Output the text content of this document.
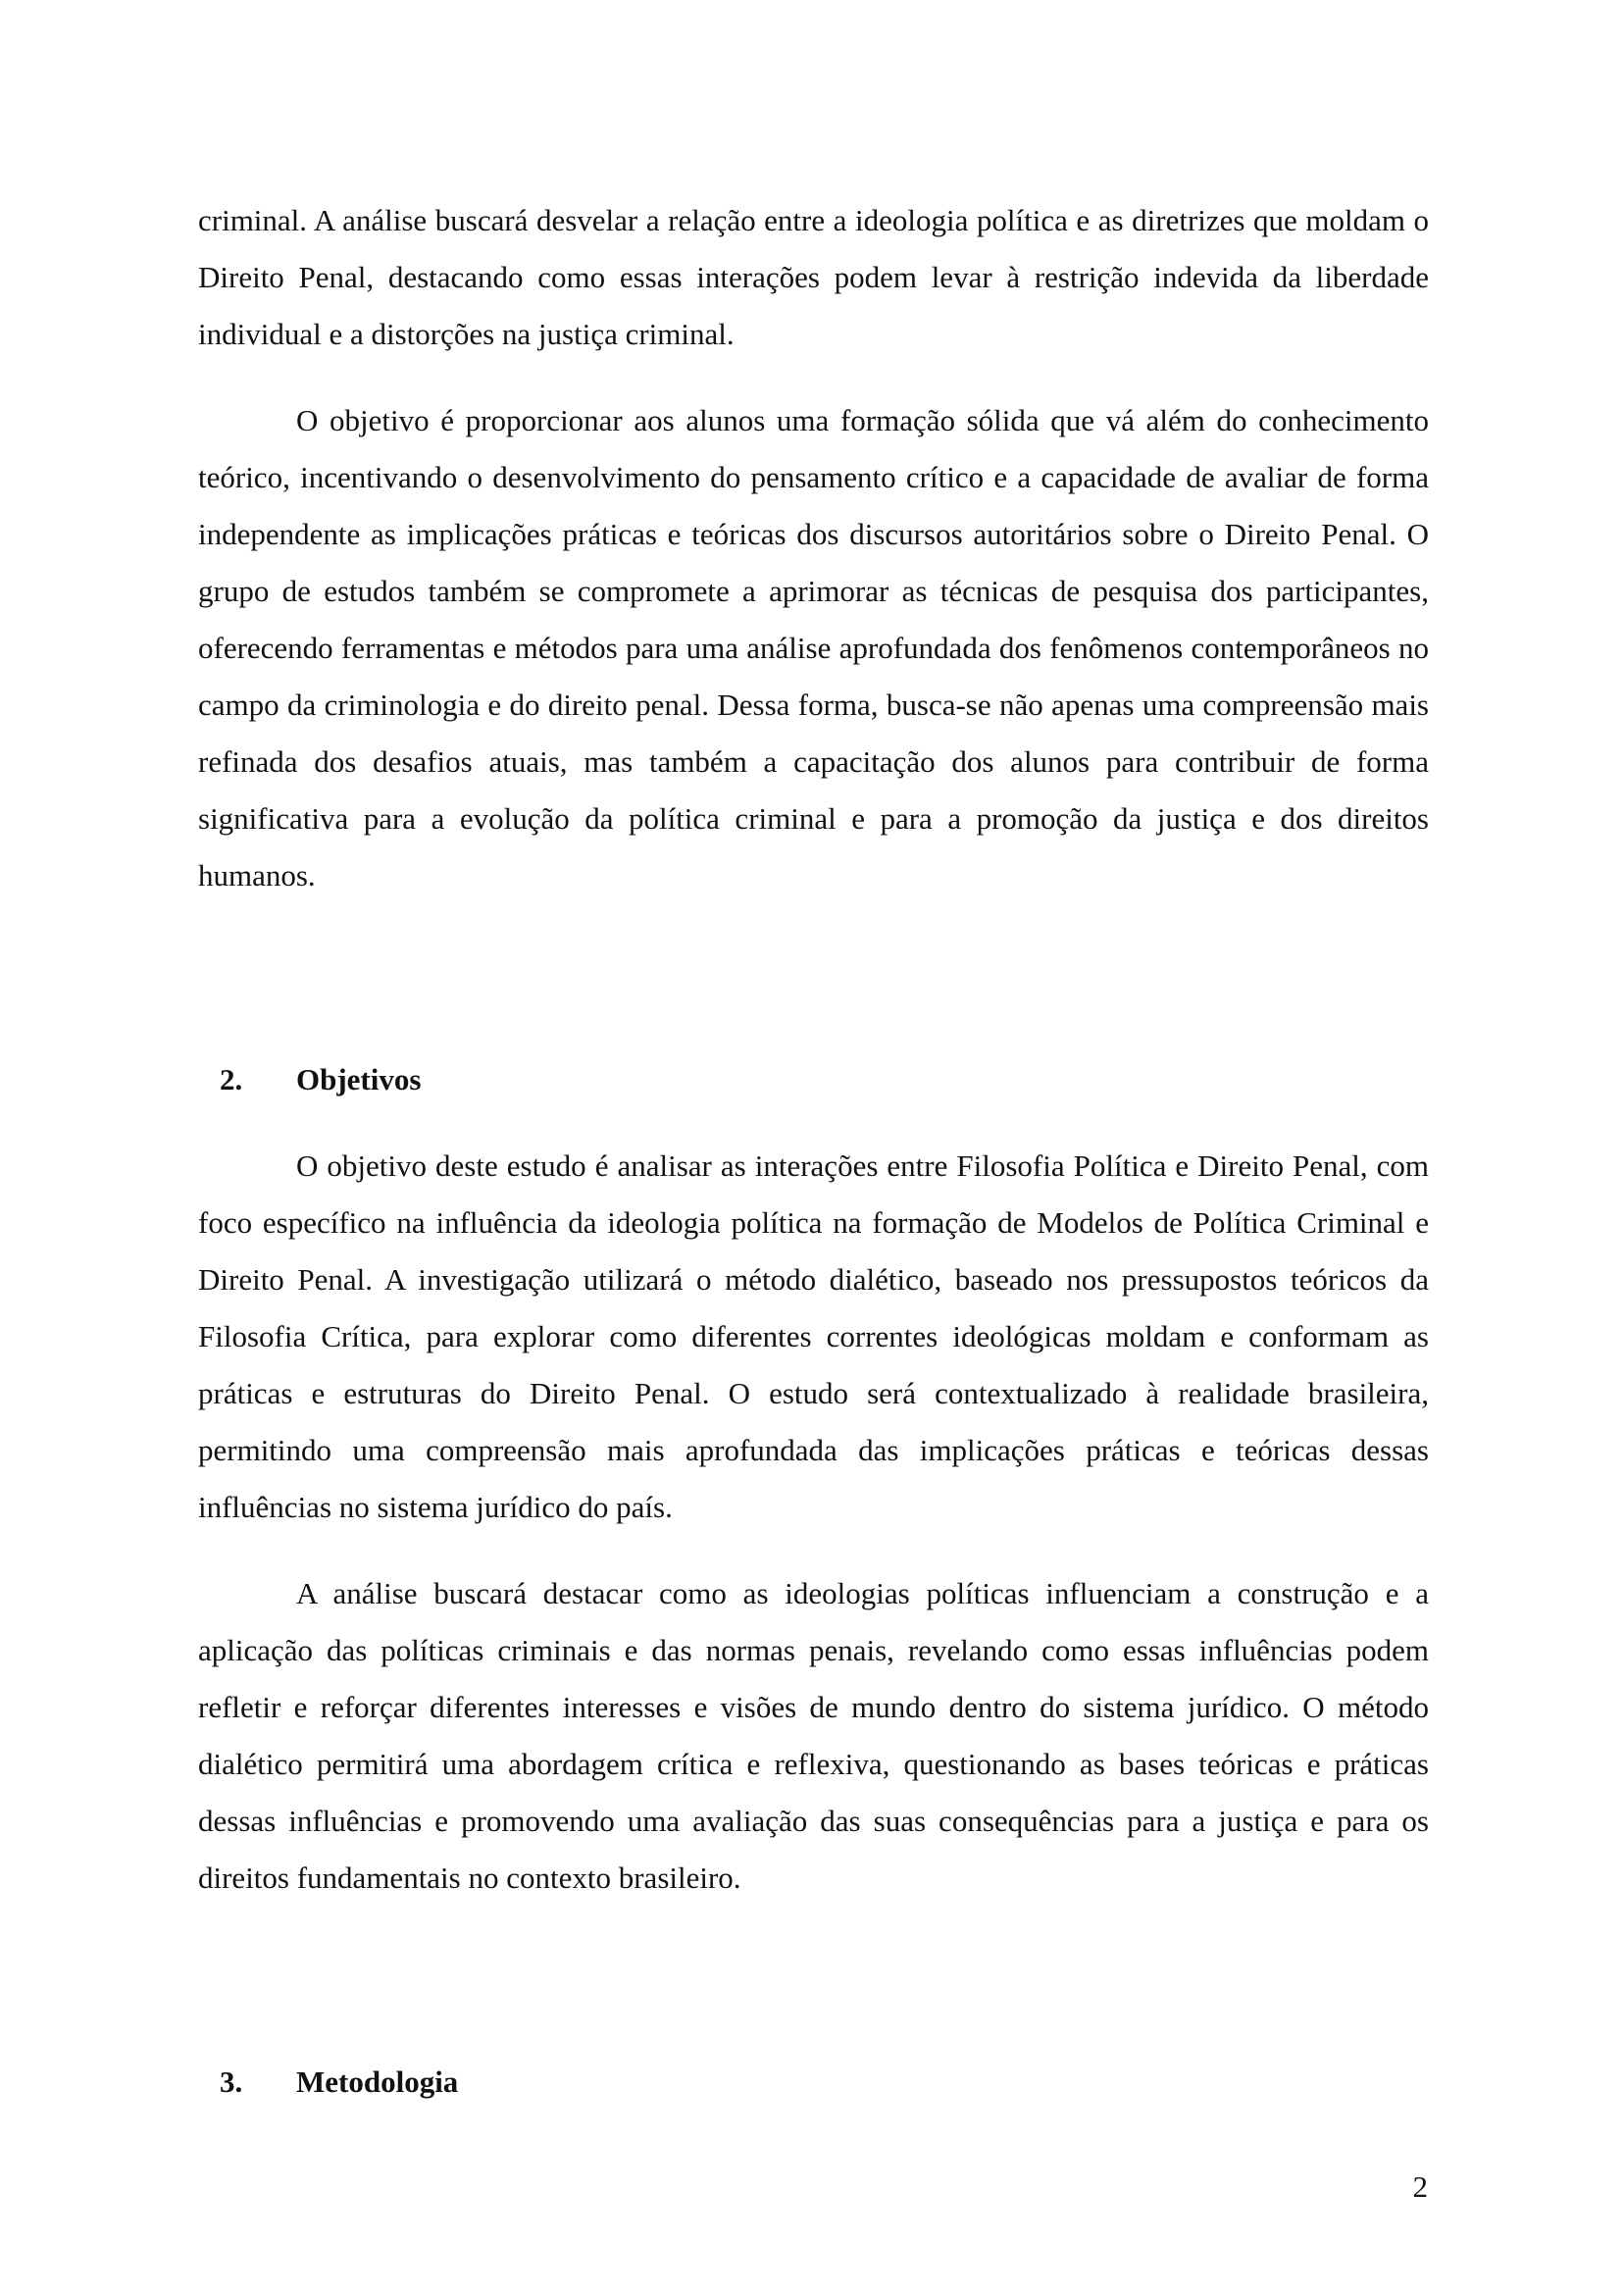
criminal. A análise buscará desvelar a relação entre a ideologia política e as diretrizes que moldam o Direito Penal, destacando como essas interações podem levar à restrição indevida da liberdade individual e a distorções na justiça criminal.

O objetivo é proporcionar aos alunos uma formação sólida que vá além do conhecimento teórico, incentivando o desenvolvimento do pensamento crítico e a capacidade de avaliar de forma independente as implicações práticas e teóricas dos discursos autoritários sobre o Direito Penal. O grupo de estudos também se compromete a aprimorar as técnicas de pesquisa dos participantes, oferecendo ferramentas e métodos para uma análise aprofundada dos fenômenos contemporâneos no campo da criminologia e do direito penal. Dessa forma, busca-se não apenas uma compreensão mais refinada dos desafios atuais, mas também a capacitação dos alunos para contribuir de forma significativa para a evolução da política criminal e para a promoção da justiça e dos direitos humanos.

2.	Objetivos

O objetivo deste estudo é analisar as interações entre Filosofia Política e Direito Penal, com foco específico na influência da ideologia política na formação de Modelos de Política Criminal e Direito Penal. A investigação utilizará o método dialético, baseado nos pressupostos teóricos da Filosofia Crítica, para explorar como diferentes correntes ideológicas moldam e conformam as práticas e estruturas do Direito Penal. O estudo será contextualizado à realidade brasileira, permitindo uma compreensão mais aprofundada das implicações práticas e teóricas dessas influências no sistema jurídico do país.

A análise buscará destacar como as ideologias políticas influenciam a construção e a aplicação das políticas criminais e das normas penais, revelando como essas influências podem refletir e reforçar diferentes interesses e visões de mundo dentro do sistema jurídico. O método dialético permitirá uma abordagem crítica e reflexiva, questionando as bases teóricas e práticas dessas influências e promovendo uma avaliação das suas consequências para a justiça e para os direitos fundamentais no contexto brasileiro.

3.	Metodologia
2
